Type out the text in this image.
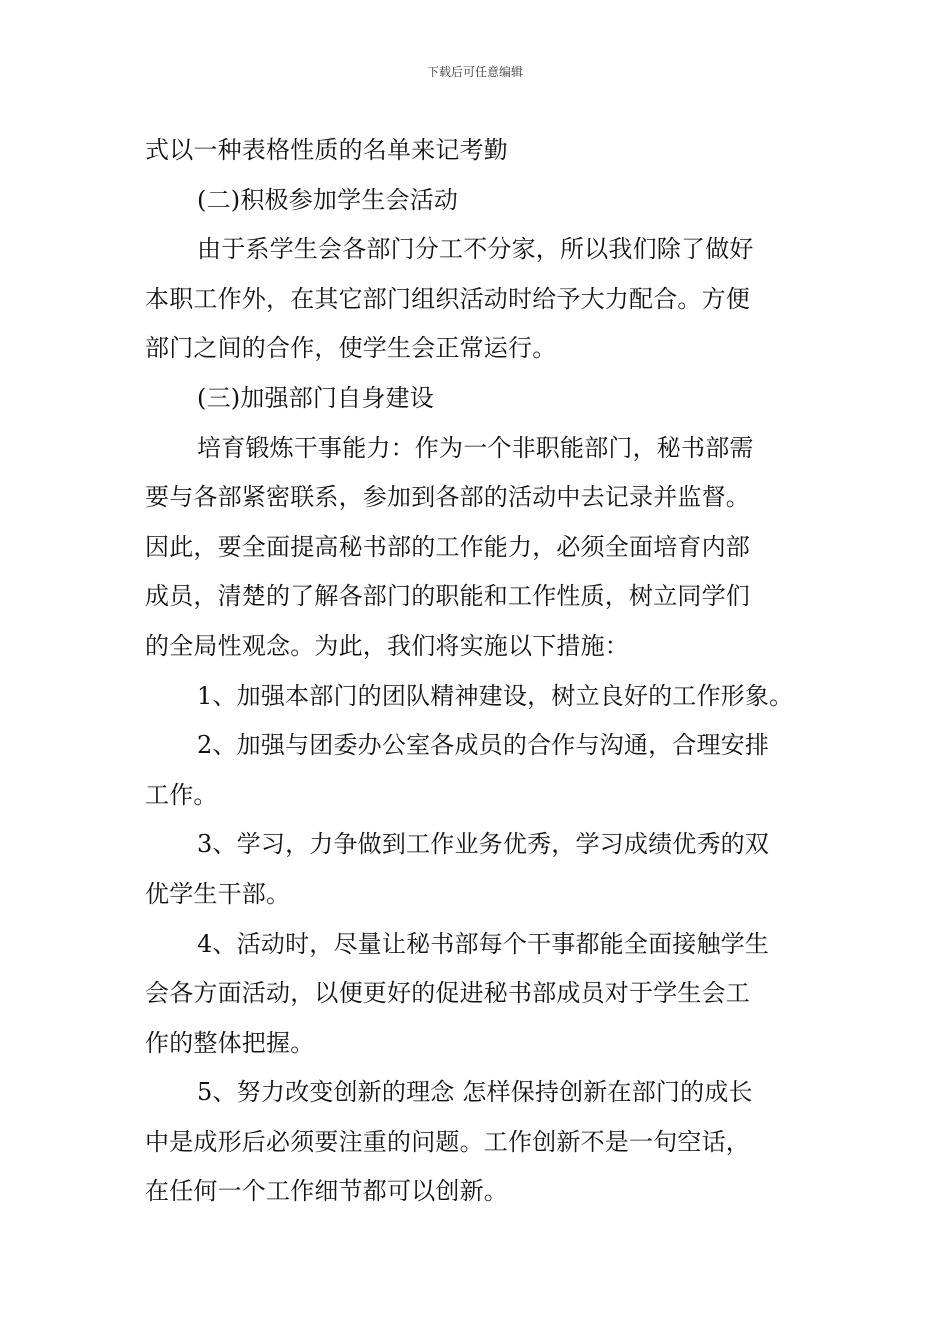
下载后可任意编辑
式以一种表格性质的名单来记考勤
(二)积极参加学生会活动
由于系学生会各部门分工不分家，所以我们除了做好
本职工作外，在其它部门组织活动时给予大力配合。方便
部门之间的合作，使学生会正常运行。
(三)加强部门自身建设
培育锻炼干事能力：作为一个非职能部门，秘书部需
要与各部紧密联系，参加到各部的活动中去记录并监督。
因此，要全面提高秘书部的工作能力，必须全面培育内部
成员，清楚的了解各部门的职能和工作性质，树立同学们
的全局性观念。为此，我们将实施以下措施：
1、加强本部门的团队精神建设，树立良好的工作形象。
2、加强与团委办公室各成员的合作与沟通，合理安排
工作。
3、学习，力争做到工作业务优秀，学习成绩优秀的双
优学生干部。
4、活动时，尽量让秘书部每个干事都能全面接触学生
会各方面活动，以便更好的促进秘书部成员对于学生会工
作的整体把握。
5、努力改变创新的理念 怎样保持创新在部门的成长
中是成形后必须要注重的问题。工作创新不是一句空话，
在任何一个工作细节都可以创新。
